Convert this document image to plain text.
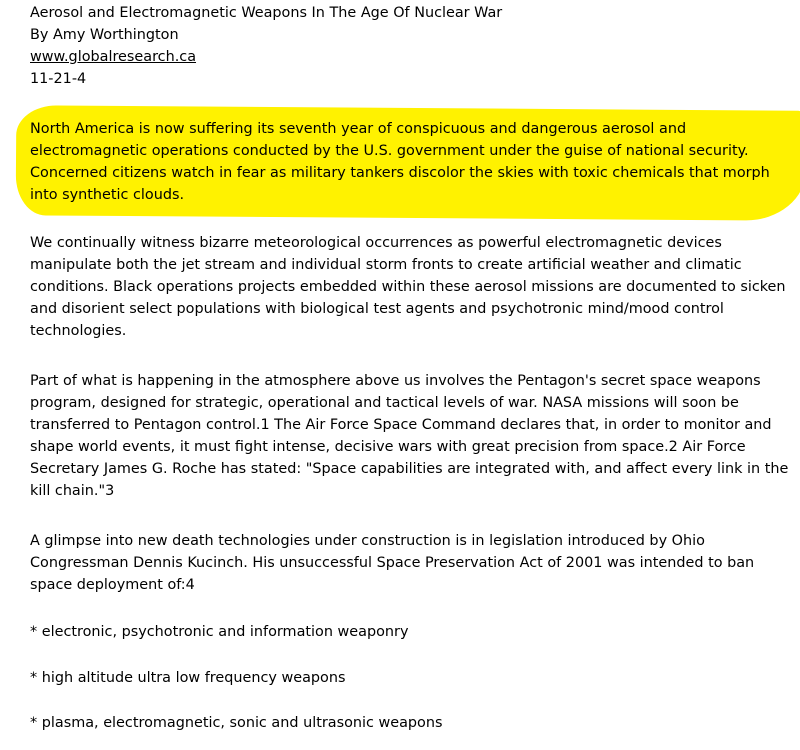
Aerosol and Electromagnetic Weapons In The Age Of Nuclear War
By Amy Worthington
www.globalresearch.ca
11-21-4

North America is now suffering its seventh year of conspicuous and dangerous aerosol and electromagnetic operations conducted by the U.S. government under the guise of national security. Concerned citizens watch in fear as military tankers discolor the skies with toxic chemicals that morph into synthetic clouds.

We continually witness bizarre meteorological occurrences as powerful electromagnetic devices manipulate both the jet stream and individual storm fronts to create artificial weather and climatic conditions. Black operations projects embedded within these aerosol missions are documented to sicken and disorient select populations with biological test agents and psychotronic mind/mood control technologies.

Part of what is happening in the atmosphere above us involves the Pentagon's secret space weapons program, designed for strategic, operational and tactical levels of war. NASA missions will soon be transferred to Pentagon control.1 The Air Force Space Command declares that, in order to monitor and shape world events, it must fight intense, decisive wars with great precision from space.2 Air Force Secretary James G. Roche has stated: "Space capabilities are integrated with, and affect every link in the kill chain."3

A glimpse into new death technologies under construction is in legislation introduced by Ohio Congressman Dennis Kucinch. His unsuccessful Space Preservation Act of 2001 was intended to ban space deployment of:4

* electronic, psychotronic and information weaponry
* high altitude ultra low frequency weapons
* plasma, electromagnetic, sonic and ultrasonic weapons
